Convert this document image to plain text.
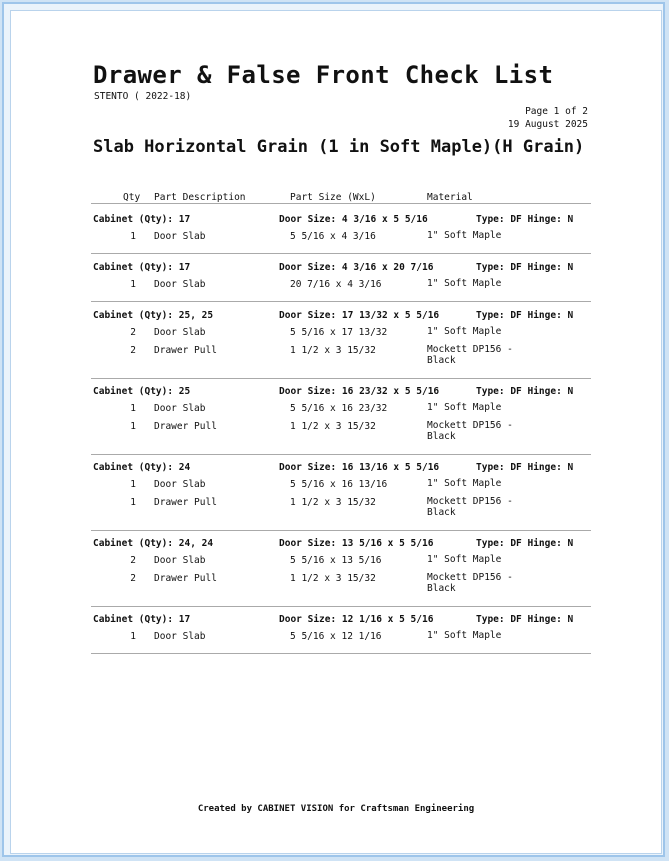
Drawer & False Front Check List
STENTO ( 2022-18)
Page 1 of 2
19 August 2025
Slab Horizontal Grain (1 in Soft Maple)(H Grain)
Qty Part Description	Part Size (WxL)	Material
Cabinet (Qty): 17	Door Size: 4 3/16 x 5 5/16	Type: DF Hinge: N
1 Door Slab	5 5/16 x 4 3/16	1" Soft Maple
Cabinet (Qty): 17	Door Size: 4 3/16 x 20 7/16	Type: DF Hinge: N
1 Door Slab	20 7/16 x 4 3/16	1" Soft Maple
Cabinet (Qty): 25, 25	Door Size: 17 13/32 x 5 5/16	Type: DF Hinge: N
2 Door Slab	5 5/16 x 17 13/32	1" Soft Maple
2 Drawer Pull	1 1/2 x 3 15/32	Mockett DP156 - Black
Cabinet (Qty): 25	Door Size: 16 23/32 x 5 5/16	Type: DF Hinge: N
1 Door Slab	5 5/16 x 16 23/32	1" Soft Maple
1 Drawer Pull	1 1/2 x 3 15/32	Mockett DP156 - Black
Cabinet (Qty): 24	Door Size: 16 13/16 x 5 5/16	Type: DF Hinge: N
1 Door Slab	5 5/16 x 16 13/16	1" Soft Maple
1 Drawer Pull	1 1/2 x 3 15/32	Mockett DP156 - Black
Cabinet (Qty): 24, 24	Door Size: 13 5/16 x 5 5/16	Type: DF Hinge: N
2 Door Slab	5 5/16 x 13 5/16	1" Soft Maple
2 Drawer Pull	1 1/2 x 3 15/32	Mockett DP156 - Black
Cabinet (Qty): 17	Door Size: 12 1/16 x 5 5/16	Type: DF Hinge: N
1 Door Slab	5 5/16 x 12 1/16	1" Soft Maple
Created by CABINET VISION for Craftsman Engineering
